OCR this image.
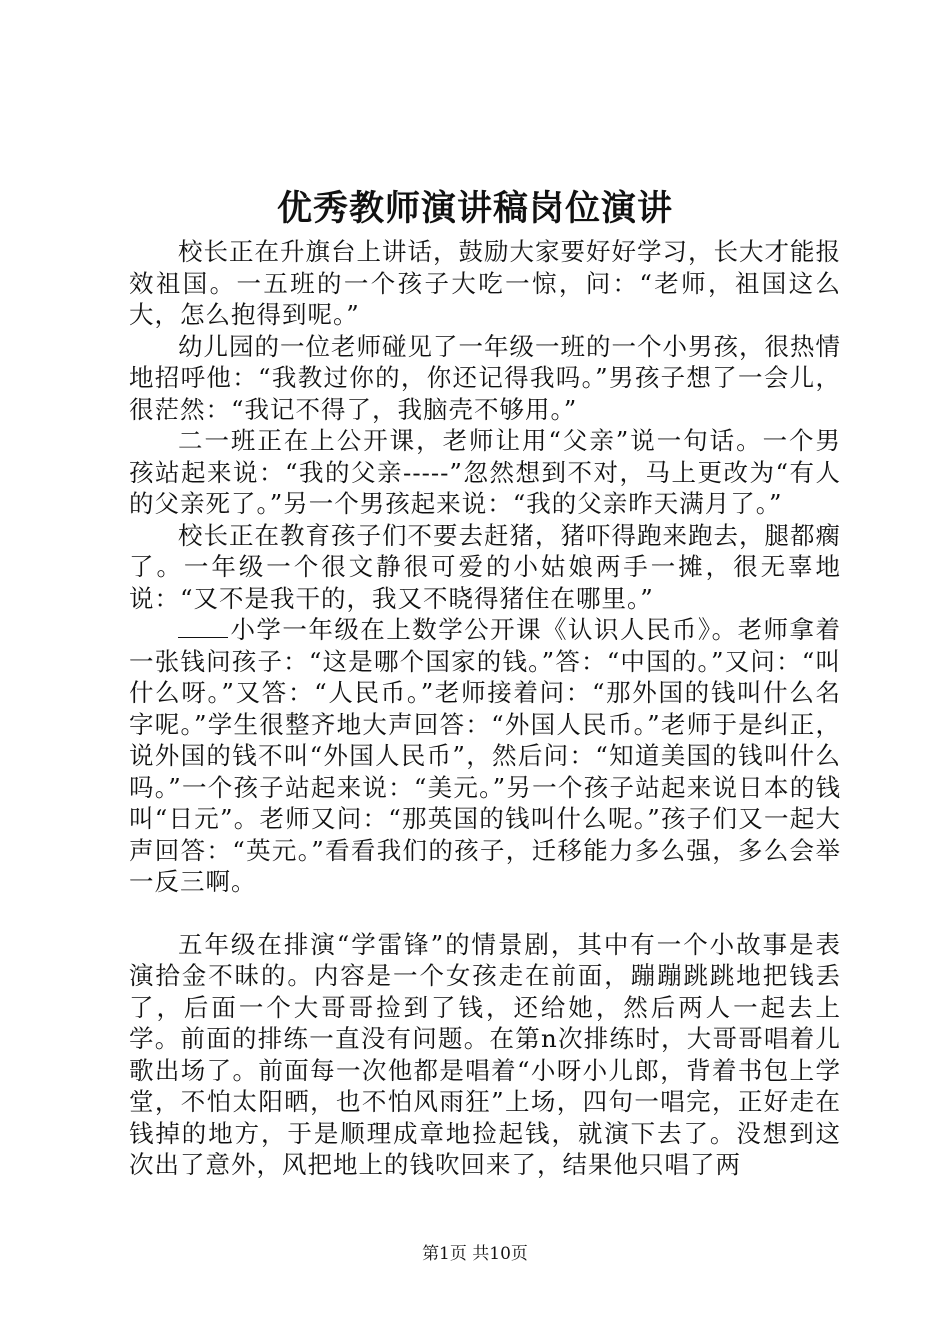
优秀教师演讲稿岗位演讲

校长正在升旗台上讲话，鼓励大家要好好学习，长大才能报效祖国。一五班的一个孩子大吃一惊，问：“老师，祖国这么大，怎么抱得到呢。”

幼儿园的一位老师碰见了一年级一班的一个小男孩，很热情地招呼他：“我教过你的，你还记得我吗。”男孩子想了一会儿，很茫然：“我记不得了，我脑壳不够用。”

二一班正在上公开课，老师让用“父亲”说一句话。一个男孩站起来说：“我的父亲-----”忽然想到不对，马上更改为“有人的父亲死了。”另一个男孩起来说：“我的父亲昨天满月了。”

校长正在教育孩子们不要去赶猪，猪吓得跑来跑去，腿都瘸了。一年级一个很文静很可爱的小姑娘两手一摊，很无辜地说：“又不是我干的，我又不晓得猪住在哪里。”

小学一年级在上数学公开课《认识人民币》。老师拿着一张钱问孩子：“这是哪个国家的钱。”答：“中国的。”又问：“叫什么呀。”又答：“人民币。”老师接着问：“那外国的钱叫什么名字呢。”学生很整齐地大声回答：“外国人民币。”老师于是纠正，说外国的钱不叫“外国人民币”，然后问：“知道美国的钱叫什么吗。”一个孩子站起来说：“美元。”另一个孩子站起来说日本的钱叫“日元”。老师又问：“那英国的钱叫什么呢。”孩子们又一起大声回答：“英元。”看看我们的孩子，迁移能力多么强，多么会举一反三啊。

五年级在排演“学雷锋”的情景剧，其中有一个小故事是表演拾金不昧的。内容是一个女孩走在前面，蹦蹦跳跳地把钱丢了，后面一个大哥哥捡到了钱，还给她，然后两人一起去上学。前面的排练一直没有问题。在第n次排练时，大哥哥唱着儿歌出场了。前面每一次他都是唱着“小呀小儿郎，背着书包上学堂，不怕太阳晒，也不怕风雨狂”上场，四句一唱完，正好走在钱掉的地方，于是顺理成章地捡起钱，就演下去了。没想到这次出了意外，风把地上的钱吹回来了，结果他只唱了两

第1页 共10页
